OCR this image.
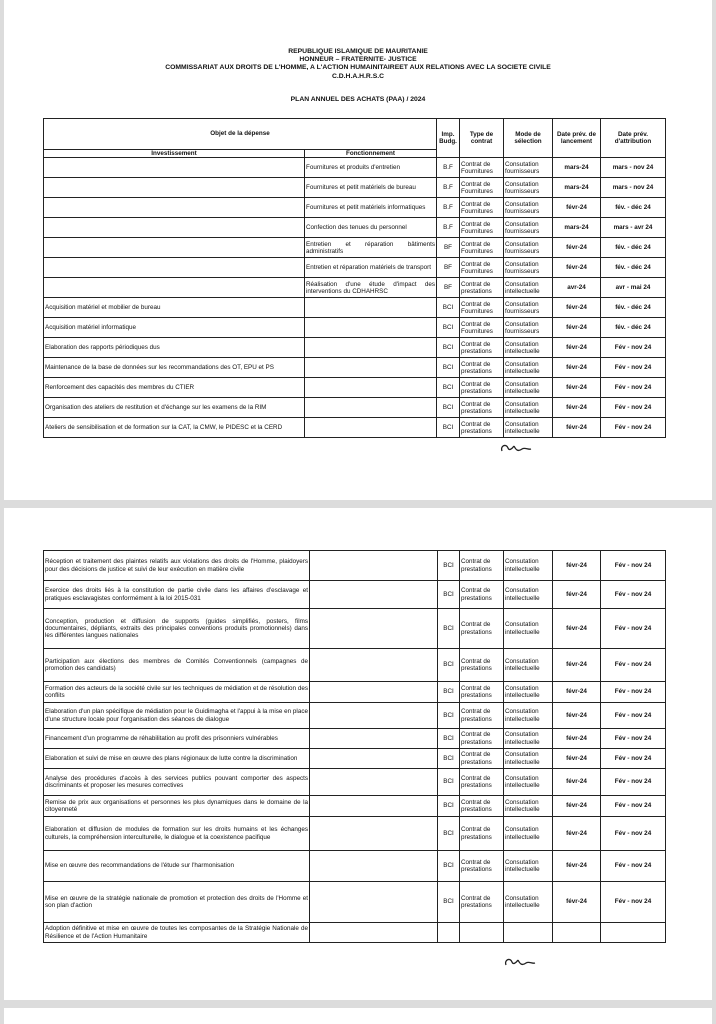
REPUBLIQUE ISLAMIQUE DE MAURITANIE
HONNEUR – FRATERNITE- JUSTICE
COMMISSARIAT AUX DROITS DE L'HOMME, A L'ACTION HUMAINITAIREET AUX RELATIONS AVEC LA SOCIETE CIVILE
C.D.H.A.H.R.S.C
PLAN ANNUEL DES ACHATS (PAA) / 2024
Objet de la dépense		Imp. Budg.	Type de contrat	Mode de sélection	Date prév. de lancement	Date prév. d'attribution
Investissement	Fonctionnement					
	Fournitures et produits d'entretien	B.F	Contrat de Fournitures	Consutation fournisseurs	mars-24	mars - nov 24
	Fournitures et petit matériels de bureau	B.F	Contrat de Fournitures	Consutation fournisseurs	mars-24	mars - nov 24
	Fournitures et petit matériels informatiques	B.F	Contrat de Fournitures	Consutation fournisseurs	févr-24	fév. - déc 24
	Confection des tenues du personnel	B.F	Contrat de Fournitures	Consutation fournisseurs	mars-24	mars - avr 24
	Entretien et réparation bâtiments administratifs	BF	Contrat de Fournitures	Consutation fournisseurs	févr-24	fév. - déc 24
	Entretien et réparation matériels de transport	BF	Contrat de Fournitures	Consutation fournisseurs	févr-24	fév. - déc 24
	Réalisation d'une étude d'impact des interventions du CDHAHRSC	BF	Contrat de prestations	Consutation intellectuelle	avr-24	avr - mai 24
Acquisition matériel et mobilier de bureau		BCI	Contrat de Fournitures	Consutation fournisseurs	févr-24	fév. - déc 24
Acquisition matériel informatique		BCI	Contrat de Fournitures	Consutation fournisseurs	févr-24	fév. - déc 24
Elaboration des rapports périodiques dus		BCI	Contrat de prestations	Consutation intellectuelle	févr-24	Fév - nov 24
Maintenance de la base de données sur les recommandations des OT, EPU et PS		BCI	Contrat de prestations	Consutation intellectuelle	févr-24	Fév - nov 24
Renforcement des capacités des membres du CTIER		BCI	Contrat de prestations	Consutation intellectuelle	févr-24	Fév - nov 24
Organisation des ateliers de restitution et d'échange sur les examens de la RIM		BCI	Contrat de prestations	Consutation intellectuelle	févr-24	Fév - nov 24
Ateliers de sensibilisation et de formation sur la CAT, la CMW, le PIDESC et la CERD		BCI	Contrat de prestations	Consutation intellectuelle	févr-24	Fév - nov 24
Réception et traitement des plaintes relatifs aux violations des droits de l'Homme, plaidoyers pour des décisions de justice et suivi de leur exécution en matière civile		BCI	Contrat de prestations	Consutation intellectuelle	févr-24	Fév - nov 24
Exercice des droits liés à la constitution de partie civile dans les affaires d'esclavage et pratiques esclavagistes conformément à la loi 2015-031		BCI	Contrat de prestations	Consutation intellectuelle	févr-24	Fév - nov 24
Conception, production et diffusion de supports (guides simplifiés, posters, films documentaires, dépliants, extraits des principales conventions produits promotionnels) dans les différentes langues nationales		BCI	Contrat de prestations	Consutation intellectuelle	févr-24	Fév - nov 24
Participation aux élections des membres de Comités Conventionnels (campagnes de promotion des candidats)		BCI	Contrat de prestations	Consutation intellectuelle	févr-24	Fév - nov 24
Formation des acteurs de la société civile sur les techniques de médiation et de résolution des conflits		BCI	Contrat de prestations	Consutation intellectuelle	févr-24	Fév - nov 24
Elaboration d'un plan spécifique de médiation pour le Guidimagha et l'appui à la mise en place d'une structure locale pour l'organisation des séances de dialogue		BCI	Contrat de prestations	Consutation intellectuelle	févr-24	Fév - nov 24
Financement d'un programme de réhabilitation au profit des prisonniers vulnérables		BCI	Contrat de prestations	Consutation intellectuelle	févr-24	Fév - nov 24
Elaboration et suivi de mise en œuvre des plans régionaux de lutte contre la discrimination		BCI	Contrat de prestations	Consutation intellectuelle	févr-24	Fév - nov 24
Analyse des procédures d'accès à des services publics pouvant comporter des aspects discriminants et proposer les mesures correctives		BCI	Contrat de prestations	Consutation intellectuelle	févr-24	Fév - nov 24
Remise de prix aux organisations et personnes les plus dynamiques dans le domaine de la citoyenneté		BCI	Contrat de prestations	Consutation intellectuelle	févr-24	Fév - nov 24
Elaboration et diffusion de modules de formation sur les droits humains et les échanges culturels, la compréhension interculturelle, le dialogue et la coexistence pacifique		BCI	Contrat de prestations	Consutation intellectuelle	févr-24	Fév - nov 24
Mise en œuvre des recommandations de l'étude sur l'harmonisation		BCI	Contrat de prestations	Consutation intellectuelle	févr-24	Fév - nov 24
Mise en œuvre de la stratégie nationale de promotion et protection des droits de l'Homme et son plan d'action		BCI	Contrat de prestations	Consutation intellectuelle	févr-24	Fév - nov 24
Adoption définitive et mise en œuvre de toutes les composantes de la Stratégie Nationale de Résilience et de l'Action Humanitaire						
